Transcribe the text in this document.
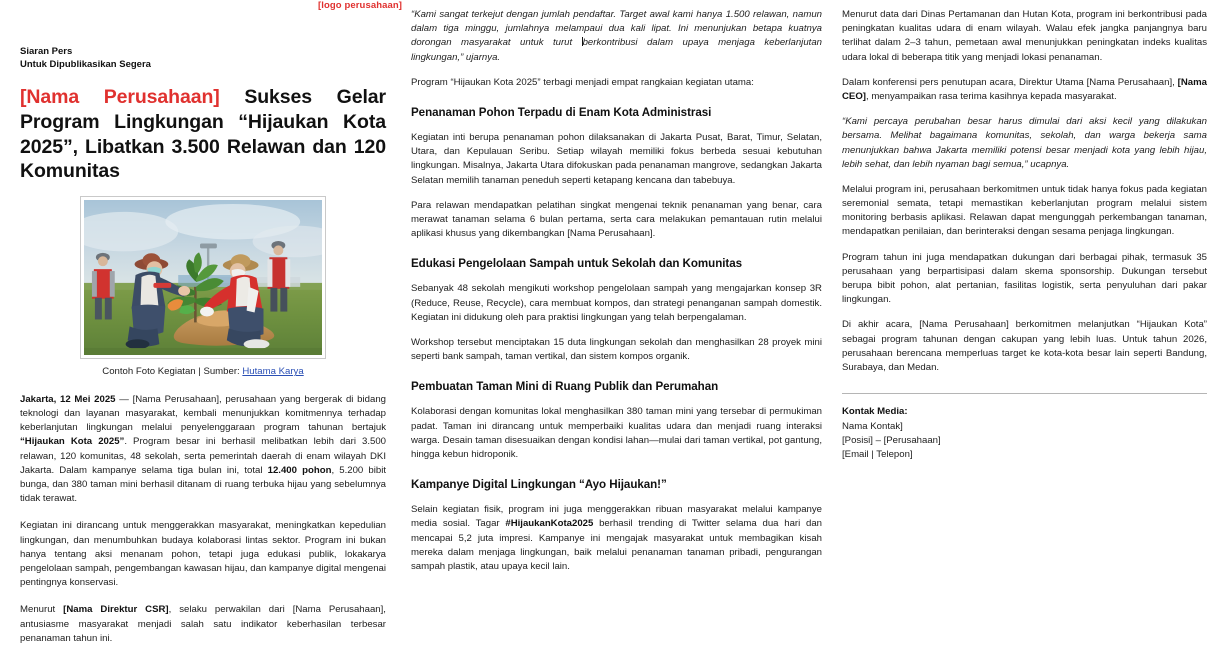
[logo perusahaan]
Siaran Pers
Untuk Dipublikasikan Segera
[Nama Perusahaan] Sukses Gelar Program Lingkungan “Hijaukan Kota 2025”, Libatkan 3.500 Relawan dan 120 Komunitas
Contoh Foto Kegiatan | Sumber: Hutama Karya

Jakarta, 12 Mei 2025 — [Nama Perusahaan], perusahaan yang bergerak di bidang teknologi dan layanan masyarakat, kembali menunjukkan komitmennya terhadap keberlanjutan lingkungan melalui penyelenggaraan program tahunan bertajuk “Hijaukan Kota 2025”. Program besar ini berhasil melibatkan lebih dari 3.500 relawan, 120 komunitas, 48 sekolah, serta pemerintah daerah di enam wilayah DKI Jakarta. Dalam kampanye selama tiga bulan ini, total 12.400 pohon, 5.200 bibit bunga, dan 380 taman mini berhasil ditanam di ruang terbuka hijau yang sebelumnya tidak terawat.

Kegiatan ini dirancang untuk menggerakkan masyarakat, meningkatkan kepedulian lingkungan, dan menumbuhkan budaya kolaborasi lintas sektor. Program ini bukan hanya tentang aksi menanam pohon, tetapi juga edukasi publik, lokakarya pengelolaan sampah, pengembangan kawasan hijau, dan kampanye digital mengenai pentingnya konservasi.

Menurut [Nama Direktur CSR], selaku perwakilan dari [Nama Perusahaan], antusiasme masyarakat menjadi salah satu indikator keberhasilan terbesar penanaman tahun ini.

“Kami sangat terkejut dengan jumlah pendaftar. Target awal kami hanya 1.500 relawan, namun dalam tiga minggu, jumlahnya melampaui dua kali lipat. Ini menunjukan betapa kuatnya dorongan masyarakat untuk turut berkontribusi dalam upaya menjaga keberlanjutan lingkungan,” ujarnya.

Program “Hijaukan Kota 2025” terbagi menjadi empat rangkaian kegiatan utama:

Penanaman Pohon Terpadu di Enam Kota Administrasi

Kegiatan inti berupa penanaman pohon dilaksanakan di Jakarta Pusat, Barat, Timur, Selatan, Utara, dan Kepulauan Seribu. Setiap wilayah memiliki fokus berbeda sesuai kebutuhan lingkungan. Misalnya, Jakarta Utara difokuskan pada penanaman mangrove, sedangkan Jakarta Selatan memilih tanaman peneduh seperti ketapang kencana dan tabebuya.

Para relawan mendapatkan pelatihan singkat mengenai teknik penanaman yang benar, cara merawat tanaman selama 6 bulan pertama, serta cara melakukan pemantauan rutin melalui aplikasi khusus yang dikembangkan [Nama Perusahaan].

Edukasi Pengelolaan Sampah untuk Sekolah dan Komunitas

Sebanyak 48 sekolah mengikuti workshop pengelolaan sampah yang mengajarkan konsep 3R (Reduce, Reuse, Recycle), cara membuat kompos, dan strategi penanganan sampah domestik. Kegiatan ini didukung oleh para praktisi lingkungan yang telah berpengalaman.

Workshop tersebut menciptakan 15 duta lingkungan sekolah dan menghasilkan 28 proyek mini seperti bank sampah, taman vertikal, dan sistem kompos organik.

Pembuatan Taman Mini di Ruang Publik dan Perumahan

Kolaborasi dengan komunitas lokal menghasilkan 380 taman mini yang tersebar di permukiman padat. Taman ini dirancang untuk memperbaiki kualitas udara dan menjadi ruang interaksi warga. Desain taman disesuaikan dengan kondisi lahan—mulai dari taman vertikal, pot gantung, hingga kebun hidroponik.

Kampanye Digital Lingkungan “Ayo Hijaukan!”

Selain kegiatan fisik, program ini juga menggerakkan ribuan masyarakat melalui kampanye media sosial. Tagar #HijaukanKota2025 berhasil trending di Twitter selama dua hari dan mencapai 5,2 juta impresi. Kampanye ini mengajak masyarakat untuk membagikan kisah mereka dalam menjaga lingkungan, baik melalui penanaman tanaman pribadi, pengurangan sampah plastik, atau upaya kecil lain.

Menurut data dari Dinas Pertamanan dan Hutan Kota, program ini berkontribusi pada peningkatan kualitas udara di enam wilayah. Walau efek jangka panjangnya baru terlihat dalam 2–3 tahun, pemetaan awal menunjukkan peningkatan indeks kualitas udara lokal di beberapa titik yang menjadi lokasi penanaman.

Dalam konferensi pers penutupan acara, Direktur Utama [Nama Perusahaan], [Nama CEO], menyampaikan rasa terima kasihnya kepada masyarakat.

“Kami percaya perubahan besar harus dimulai dari aksi kecil yang dilakukan bersama. Melihat bagaimana komunitas, sekolah, dan warga bekerja sama menunjukkan bahwa Jakarta memiliki potensi besar menjadi kota yang lebih hijau, lebih sehat, dan lebih nyaman bagi semua,” ucapnya.

Melalui program ini, perusahaan berkomitmen untuk tidak hanya fokus pada kegiatan seremonial semata, tetapi memastikan keberlanjutan program melalui sistem monitoring berbasis aplikasi. Relawan dapat mengunggah perkembangan tanaman, mendapatkan penilaian, dan berinteraksi dengan sesama penjaga lingkungan.

Program tahun ini juga mendapatkan dukungan dari berbagai pihak, termasuk 35 perusahaan yang berpartisipasi dalam skema sponsorship. Dukungan tersebut berupa bibit pohon, alat pertanian, fasilitas logistik, serta penyuluhan dari pakar lingkungan.

Di akhir acara, [Nama Perusahaan] berkomitmen melanjutkan “Hijaukan Kota” sebagai program tahunan dengan cakupan yang lebih luas. Untuk tahun 2026, perusahaan berencana memperluas target ke kota-kota besar lain seperti Bandung, Surabaya, dan Medan.

Kontak Media:
Nama Kontak]
[Posisi] – [Perusahaan]
[Email | Telepon]
